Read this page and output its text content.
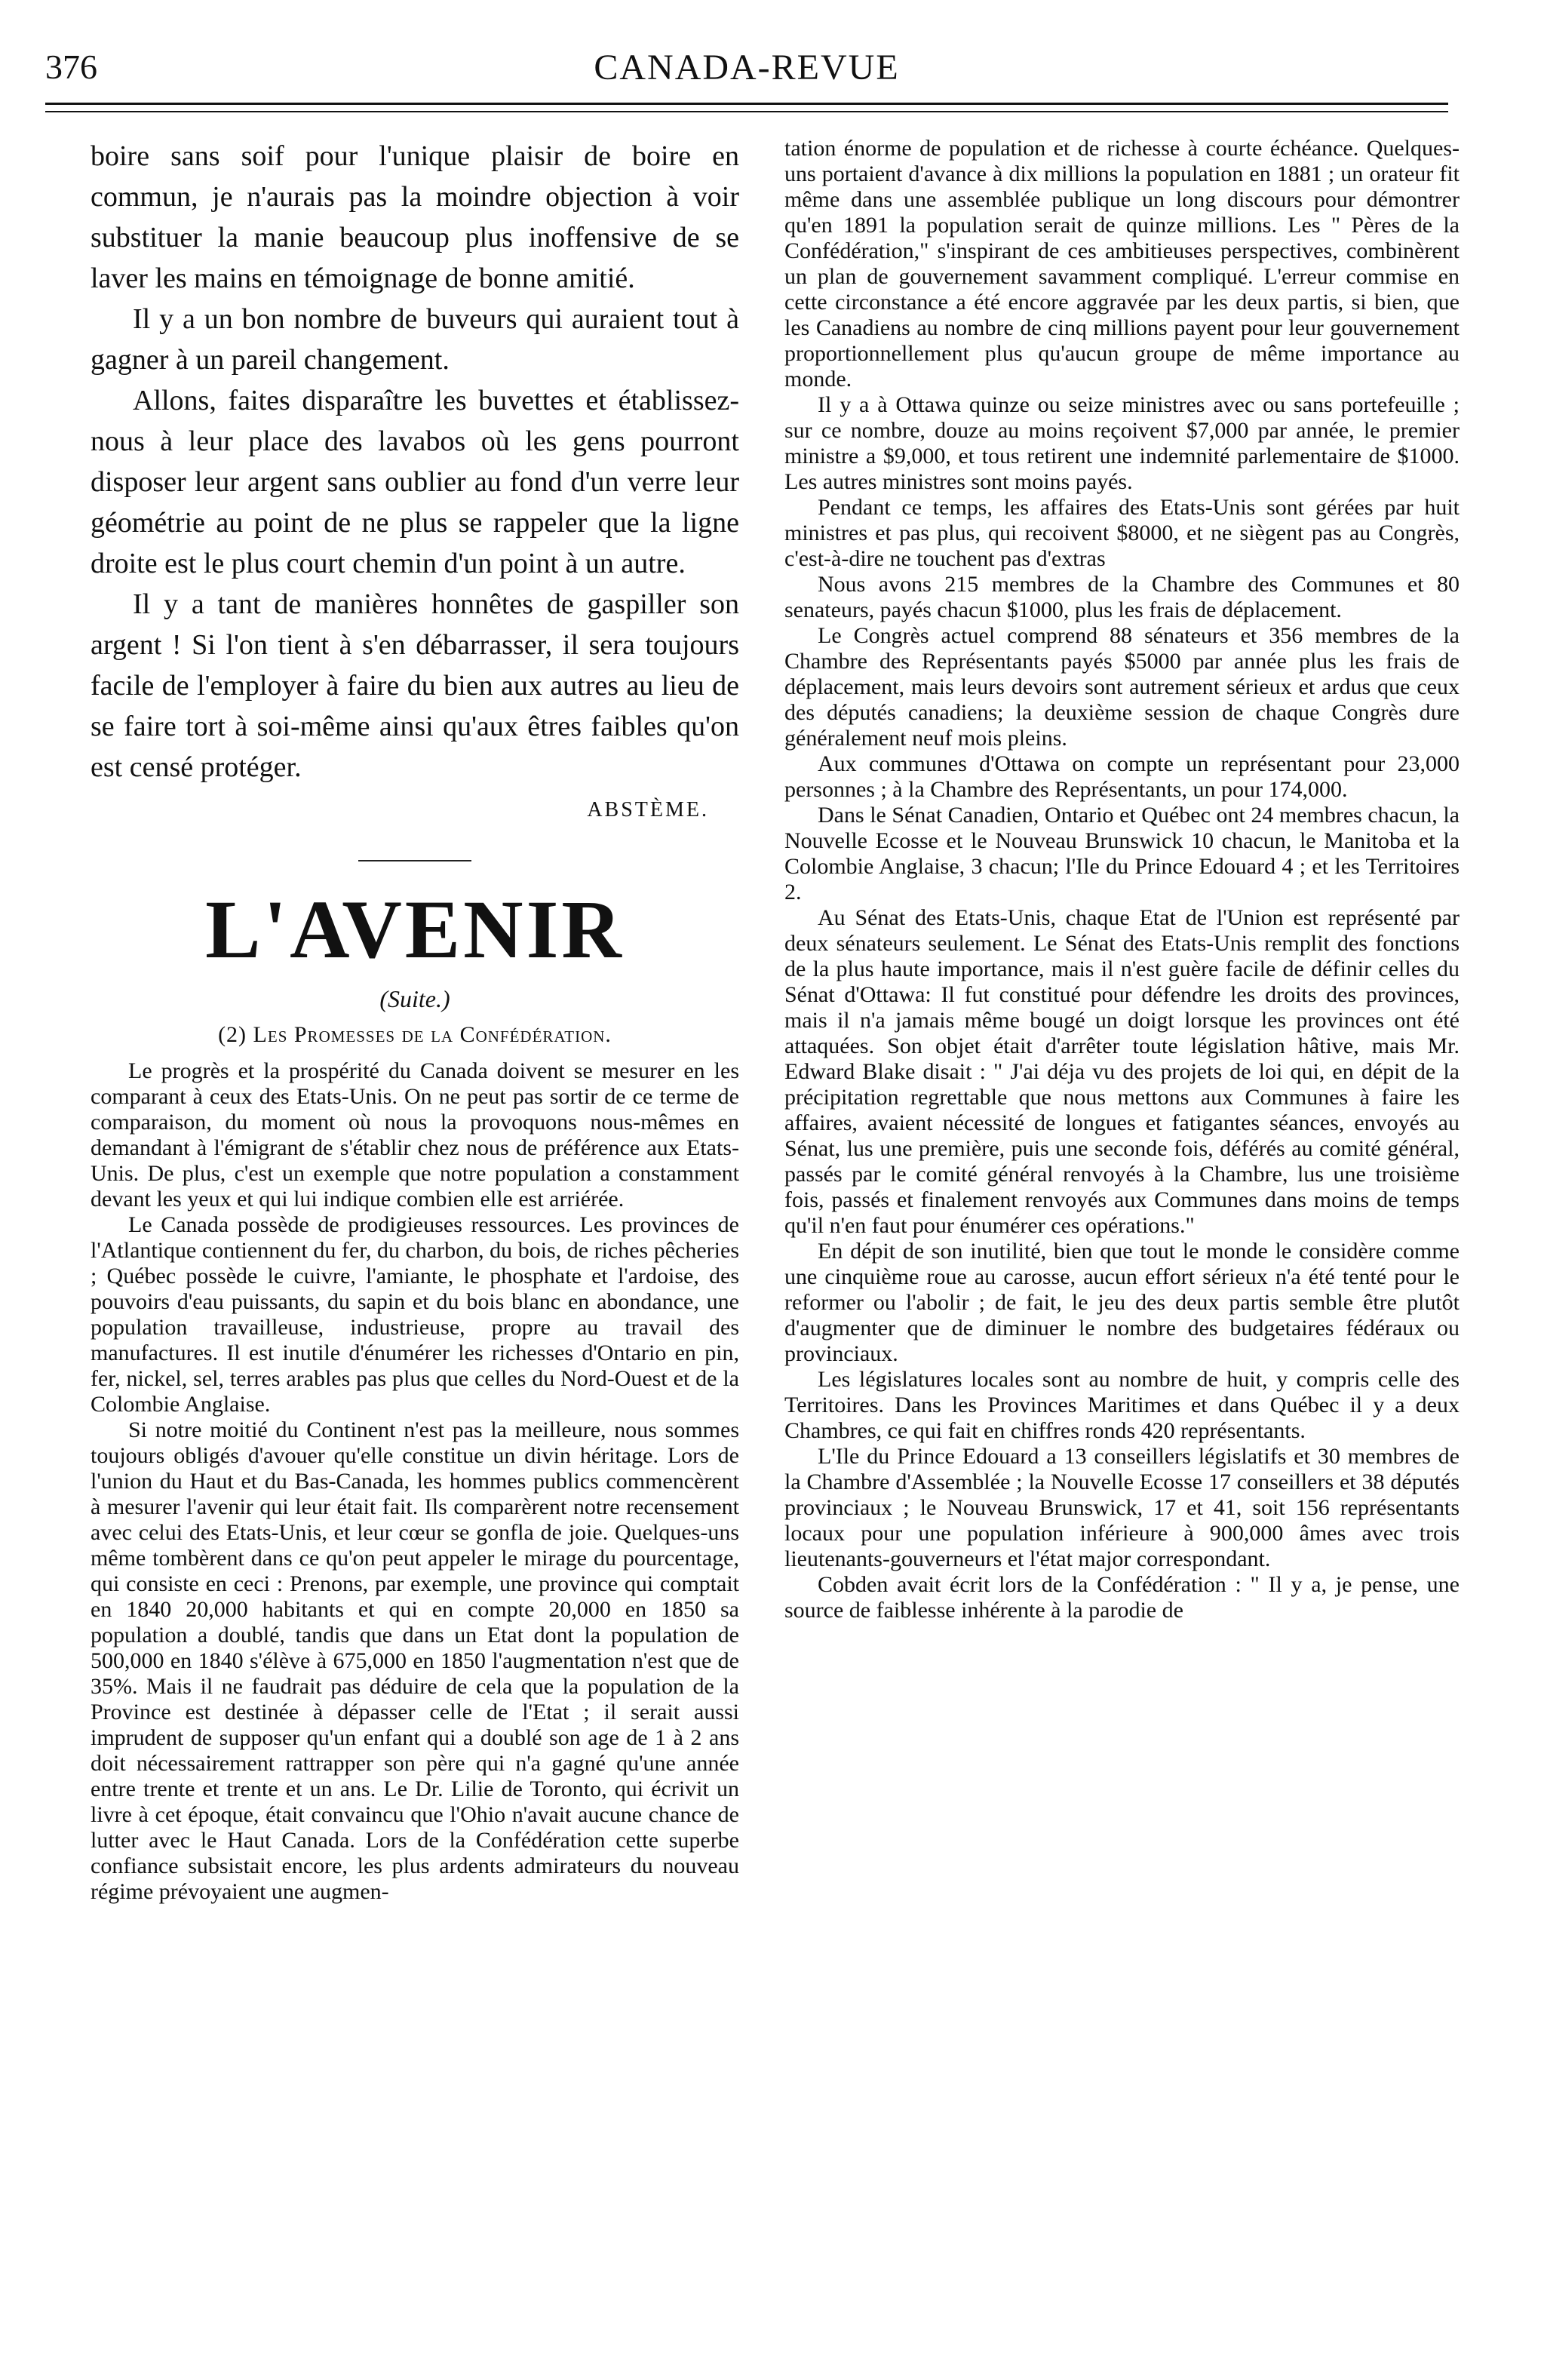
376	CANADA-REVUE

boire sans soif pour l'unique plaisir de boire en commun, je n'aurais pas la moindre objection à voir substituer la manie beaucoup plus inoffensive de se laver les mains en témoignage de bonne amitié.

Il y a un bon nombre de buveurs qui auraient tout à gagner à un pareil changement.

Allons, faites disparaître les buvettes et établissez-nous à leur place des lavabos où les gens pourront disposer leur argent sans oublier au fond d'un verre leur géométrie au point de ne plus se rappeler que la ligne droite est le plus court chemin d'un point à un autre.

Il y a tant de manières honnêtes de gaspiller son argent ! Si l'on tient à s'en débarrasser, il sera toujours facile de l'employer à faire du bien aux autres au lieu de se faire tort à soi-même ainsi qu'aux êtres faibles qu'on est censé protéger.

ABSTÈME.
L'AVENIR
(Suite.)
(2) Les Promesses de la Confédération.

Le progrès et la prospérité du Canada doivent se mesurer en les comparant à ceux des Etats-Unis. On ne peut pas sortir de ce terme de comparaison, du moment où nous la provoquons nous-mêmes en demandant à l'émigrant de s'établir chez nous de préférence aux Etats-Unis. De plus, c'est un exemple que notre population a constamment devant les yeux et qui lui indique combien elle est arriérée.

Le Canada possède de prodigieuses ressources. Les provinces de l'Atlantique contiennent du fer, du charbon, du bois, de riches pêcheries ; Québec possède le cuivre, l'amiante, le phosphate et l'ardoise, des pouvoirs d'eau puissants, du sapin et du bois blanc en abondance, une population travailleuse, industrieuse, propre au travail des manufactures. Il est inutile d'énumérer les richesses d'Ontario en pin, fer, nickel, sel, terres arables pas plus que celles du Nord-Ouest et de la Colombie Anglaise.

Si notre moitié du Continent n'est pas la meilleure, nous sommes toujours obligés d'avouer qu'elle constitue un divin héritage. Lors de l'union du Haut et du Bas-Canada, les hommes publics commencèrent à mesurer l'avenir qui leur était fait. Ils comparèrent notre recensement avec celui des Etats-Unis, et leur cœur se gonfla de joie. Quelques-uns même tombèrent dans ce qu'on peut appeler le mirage du pourcentage, qui consiste en ceci : Prenons, par exemple, une province qui comptait en 1840 20,000 habitants et qui en compte 20,000 en 1850 sa population a doublé, tandis que dans un Etat dont la population de 500,000 en 1840 s'élève à 675,000 en 1850 l'augmentation n'est que de 35%. Mais il ne faudrait pas déduire de cela que la population de la Province est destinée à dépasser celle de l'Etat ; il serait aussi imprudent de supposer qu'un enfant qui a doublé son age de 1 à 2 ans doit nécessairement rattrapper son père qui n'a gagné qu'une année entre trente et trente et un ans. Le Dr. Lilie de Toronto, qui écrivit un livre à cet époque, était convaincu que l'Ohio n'avait aucune chance de lutter avec le Haut Canada. Lors de la Confédération cette superbe confiance subsistait encore, les plus ardents admirateurs du nouveau régime prévoyaient une augmen-

tation énorme de population et de richesse à courte échéance. Quelques-uns portaient d'avance à dix millions la population en 1881 ; un orateur fit même dans une assemblée publique un long discours pour démontrer qu'en 1891 la population serait de quinze millions. Les " Pères de la Confédération," s'inspirant de ces ambitieuses perspectives, combinèrent un plan de gouvernement savamment compliqué. L'erreur commise en cette circonstance a été encore aggravée par les deux partis, si bien, que les Canadiens au nombre de cinq millions payent pour leur gouvernement proportionnellement plus qu'aucun groupe de même importance au monde.

Il y a à Ottawa quinze ou seize ministres avec ou sans portefeuille ; sur ce nombre, douze au moins reçoivent $7,000 par année, le premier ministre a $9,000, et tous retirent une indemnité parlementaire de $1000. Les autres ministres sont moins payés.

Pendant ce temps, les affaires des Etats-Unis sont gérées par huit ministres et pas plus, qui recoivent $8000, et ne siègent pas au Congrès, c'est-à-dire ne touchent pas d'extras

Nous avons 215 membres de la Chambre des Communes et 80 senateurs, payés chacun $1000, plus les frais de déplacement.

Le Congrès actuel comprend 88 sénateurs et 356 membres de la Chambre des Représentants payés $5000 par année plus les frais de déplacement, mais leurs devoirs sont autrement sérieux et ardus que ceux des députés canadiens; la deuxième session de chaque Congrès dure généralement neuf mois pleins.

Aux communes d'Ottawa on compte un représentant pour 23,000 personnes ; à la Chambre des Représentants, un pour 174,000.

Dans le Sénat Canadien, Ontario et Québec ont 24 membres chacun, la Nouvelle Ecosse et le Nouveau Brunswick 10 chacun, le Manitoba et la Colombie Anglaise, 3 chacun; l'Ile du Prince Edouard 4 ; et les Territoires 2.

Au Sénat des Etats-Unis, chaque Etat de l'Union est représenté par deux sénateurs seulement. Le Sénat des Etats-Unis remplit des fonctions de la plus haute importance, mais il n'est guère facile de définir celles du Sénat d'Ottawa: Il fut constitué pour défendre les droits des provinces, mais il n'a jamais même bougé un doigt lorsque les provinces ont été attaquées. Son objet était d'arrêter toute législation hâtive, mais Mr. Edward Blake disait : " J'ai déja vu des projets de loi qui, en dépit de la précipitation regrettable que nous mettons aux Communes à faire les affaires, avaient nécessité de longues et fatigantes séances, envoyés au Sénat, lus une première, puis une seconde fois, déférés au comité général, passés par le comité général renvoyés à la Chambre, lus une troisième fois, passés et finalement renvoyés aux Communes dans moins de temps qu'il n'en faut pour énumérer ces opérations."

En dépit de son inutilité, bien que tout le monde le considère comme une cinquième roue au carosse, aucun effort sérieux n'a été tenté pour le reformer ou l'abolir ; de fait, le jeu des deux partis semble être plutôt d'augmenter que de diminuer le nombre des budgetaires fédéraux ou provinciaux.

Les législatures locales sont au nombre de huit, y compris celle des Territoires. Dans les Provinces Maritimes et dans Québec il y a deux Chambres, ce qui fait en chiffres ronds 420 représentants.

L'Ile du Prince Edouard a 13 conseillers législatifs et 30 membres de la Chambre d'Assemblée ; la Nouvelle Ecosse 17 conseillers et 38 députés provinciaux ; le Nouveau Brunswick, 17 et 41, soit 156 représentants locaux pour une population inférieure à 900,000 âmes avec trois lieutenants-gouverneurs et l'état major correspondant.

Cobden avait écrit lors de la Confédération : " Il y a, je pense, une source de faiblesse inhérente à la parodie de
